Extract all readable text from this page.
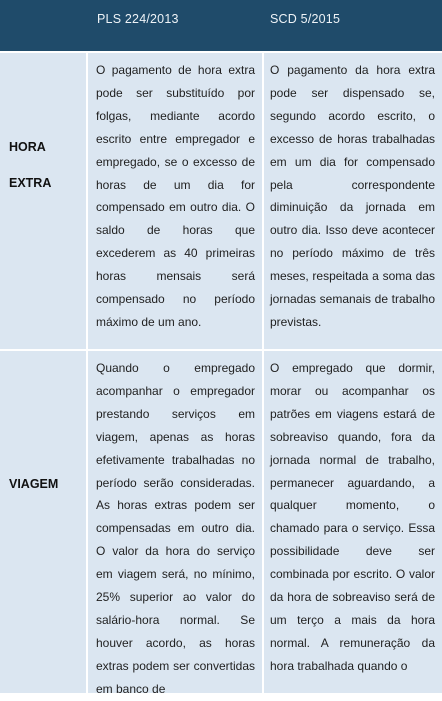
PLS 224/2013	SCD 5/2015
HORA
EXTRA
O pagamento de hora extra pode ser substituído por folgas, mediante acordo escrito entre empregador e empregado, se o excesso de horas de um dia for compensado em outro dia. O saldo de horas que excederem as 40 primeiras horas mensais será compensado no período máximo de um ano.
O pagamento da hora extra pode ser dispensado se, segundo acordo escrito, o excesso de horas trabalhadas em um dia for compensado pela correspondente diminuição da jornada em outro dia. Isso deve acontecer no período máximo de três meses, respeitada a soma das jornadas semanais de trabalho previstas.
VIAGEM
Quando o empregado acompanhar o empregador prestando serviços em viagem, apenas as horas efetivamente trabalhadas no período serão consideradas. As horas extras podem ser compensadas em outro dia. O valor da hora do serviço em viagem será, no mínimo, 25% superior ao valor do salário-hora normal. Se houver acordo, as horas extras podem ser convertidas em banco de
O empregado que dormir, morar ou acompanhar os patrões em viagens estará de sobreaviso quando, fora da jornada normal de trabalho, permanecer aguardando, a qualquer momento, o chamado para o serviço. Essa possibilidade deve ser combinada por escrito. O valor da hora de sobreaviso será de um terço a mais da hora normal. A remuneração da hora trabalhada quando o
